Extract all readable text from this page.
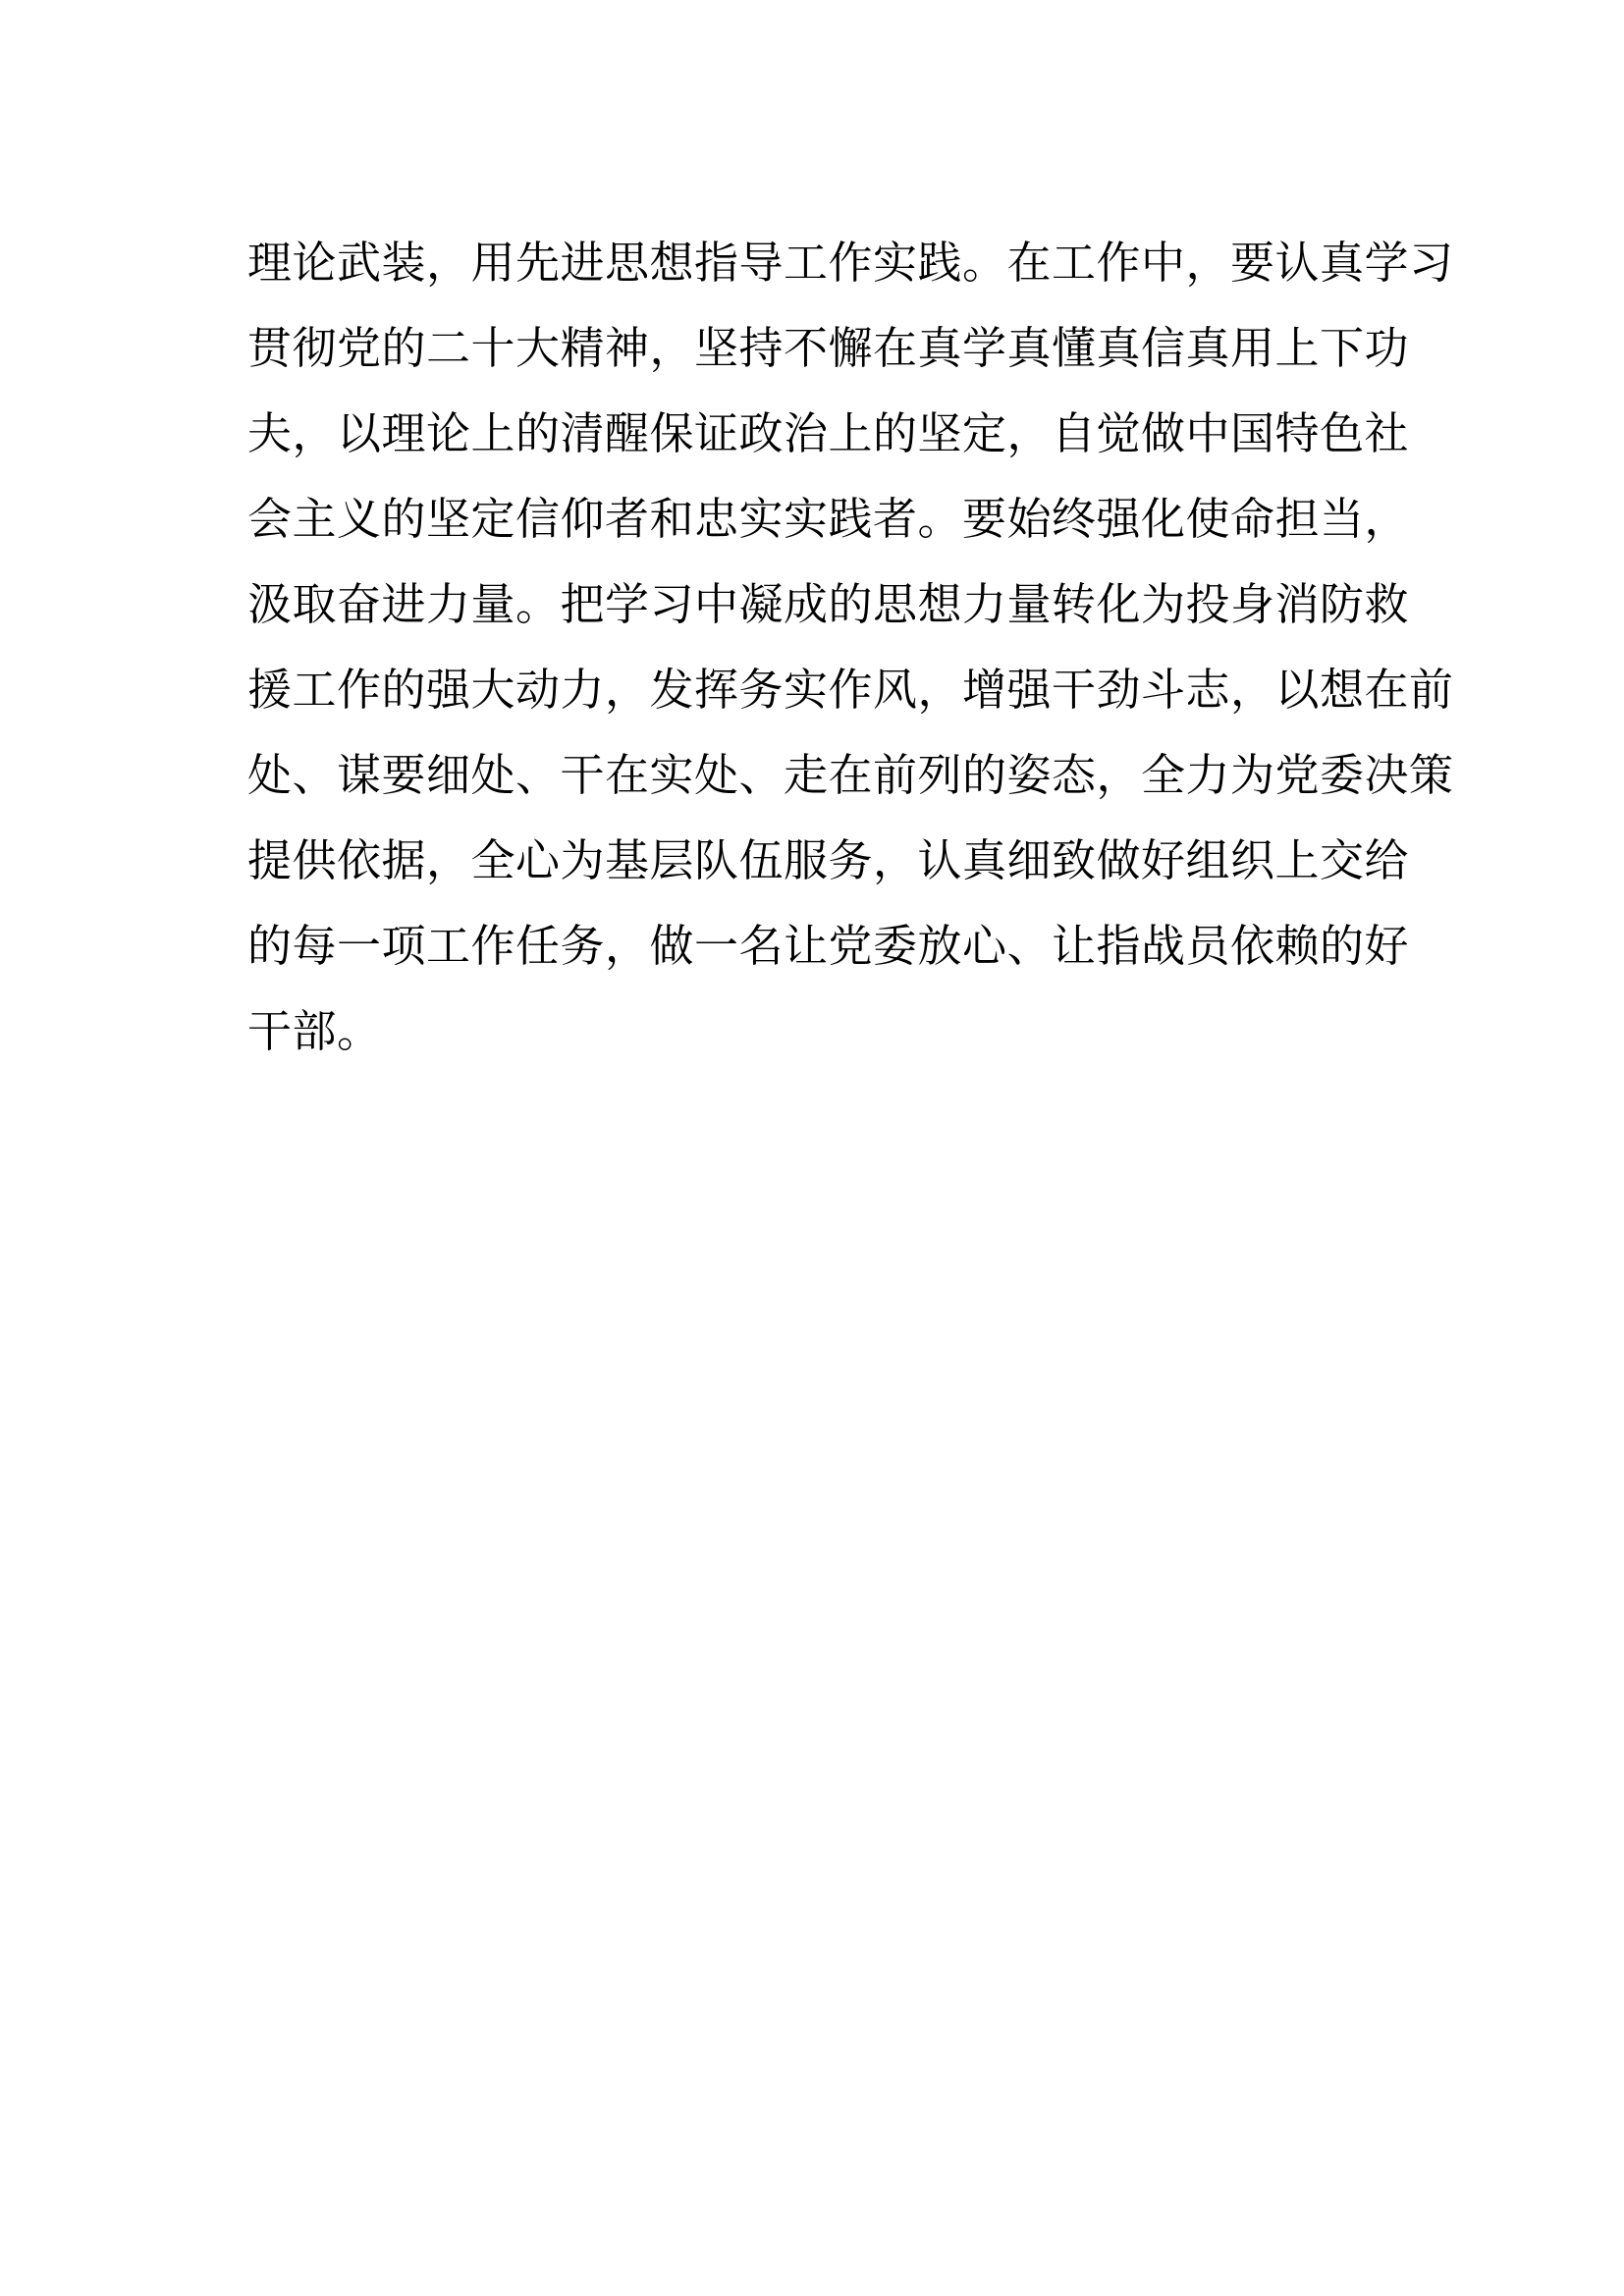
理论武装，用先进思想指导工作实践。在工作中，要认真学习
贯彻党的二十大精神，坚持不懈在真学真懂真信真用上下功
夫，以理论上的清醒保证政治上的坚定，自觉做中国特色社
会主义的坚定信仰者和忠实实践者。要始终强化使命担当，
汲取奋进力量。把学习中凝成的思想力量转化为投身消防救
援工作的强大动力，发挥务实作风，增强干劲斗志，以想在前
处、谋要细处、干在实处、走在前列的姿态，全力为党委决策
提供依据，全心为基层队伍服务，认真细致做好组织上交给
的每一项工作任务，做一名让党委放心、让指战员依赖的好
干部。
